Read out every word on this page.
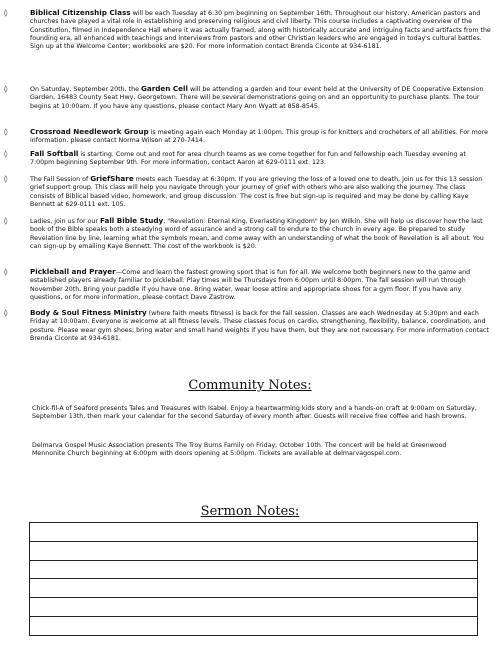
◊	Biblical Citizenship Class will be each Tuesday at 6:30 pm beginning on September 16th. Throughout our history, American pastors and churches have played a vital role in establishing and preserving religious and civil liberty. This course includes a captivating overview of the Constitution, filmed in Independence Hall where it was actually framed, along with historically accurate and intriguing facts and artifacts from the founding era, all enhanced with teachings and interviews from pastors and other Christian leaders who are engaged in today's cultural battles. Sign up at the Welcome Center; workbooks are $20. For more information contact Brenda Ciconte at 934-6181.
◊	On Saturday, September 20th, the Garden Cell will be attending a garden and tour event held at the University of DE Cooperative Extension Garden, 16483 County Seat Hwy, Georgetown. There will be several demonstrations going on and an opportunity to purchase plants. The tour begins at 10:00am. If you have any questions, please contact Mary Ann Wyatt at 858-8545.
◊	Crossroad Needlework Group is meeting again each Monday at 1:00pm. This group is for knitters and crocheters of all abilities. For more information, please contact Norma Wilson at 270-7414.
◊	Fall Softball is starting. Come out and root for area church teams as we come together for fun and fellowship each Tuesday evening at 7:00pm beginning September 9th. For more information, contact Aaron at 629-0111 ext. 123.
◊	The Fall Session of GriefShare meets each Tuesday at 6:30pm. If you are grieving the loss of a loved one to death, join us for this 13 session grief support group. This class will help you navigate through your journey of grief with others who are also walking the journey. The class consists of Biblical based video, homework, and group discussion. The cost is free but sign-up is required and may be done by calling Kaye Bennett at 629-0111 ext. 105.
◊	Ladies, join us for our Fall Bible Study, "Revelation: Eternal King, Everlasting Kingdom" by Jen Wilkin. She will help us discover how the last book of the Bible speaks both a steadying word of assurance and a strong call to endure to the church in every age. Be prepared to study Revelation line by line, learning what the symbols mean, and come away with an understanding of what the book of Revelation is all about. You can sign-up by emailing Kaye Bennett. The cost of the workbook is $20.
◊	Pickleball and Prayer—Come and learn the fastest growing sport that is fun for all. We welcome both beginners new to the game and established players already familiar to pickleball. Play times will be Thursdays from 6:00pm until 8:00pm. The fall session will run through November 20th. Bring your paddle if you have one. Bring water, wear loose attire and appropriate shoes for a gym floor. If you have any questions, or for more information, please contact Dave Zastrow.
◊	Body & Soul Fitness Ministry (where faith meets fitness) is back for the fall session. Classes are each Wednesday at 5:30pm and each Friday at 10:00am. Everyone is welcome at all fitness levels. These classes focus on cardio, strengthening, flexibility, balance, coordination, and posture. Please wear gym shoes; bring water and small hand weights if you have them, but they are not necessary. For more information contact Brenda Ciconte at 934-6181.
Community Notes:
Chick-fil-A of Seaford presents Tales and Treasures with Isabel. Enjoy a heartwarming kids story and a hands-on craft at 9:00am on Saturday, September 13th, then mark your calendar for the second Saturday of every month after. Guests will receive free coffee and hash browns.
Delmarva Gospel Music Association presents The Troy Burns Family on Friday, October 10th. The concert will be held at Greenwood Mennonite Church beginning at 6:00pm with doors opening at 5:00pm. Tickets are available at delmarvagospel.com.
Sermon Notes:
